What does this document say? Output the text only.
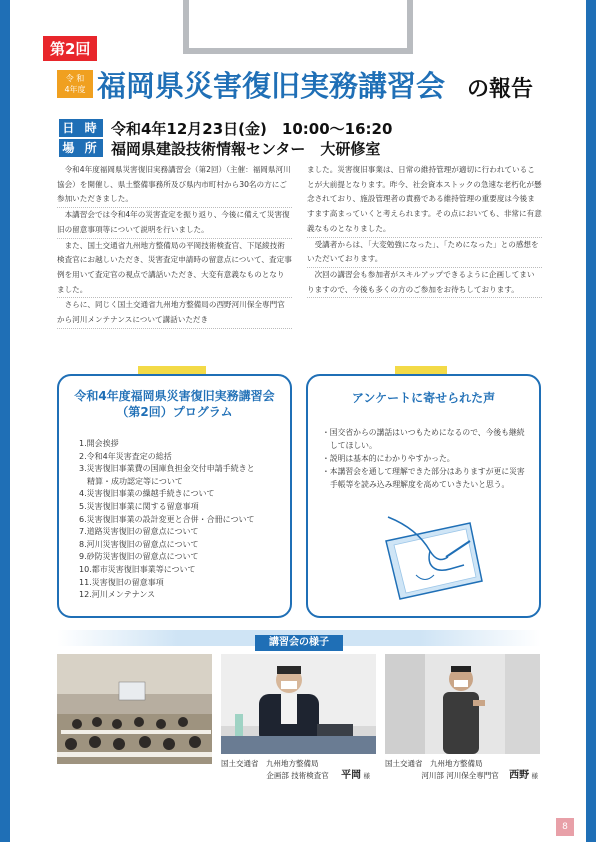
第2回
令 和
4年度 福岡県災害復旧実務講習会 の報告
日 時 令和4年12月23日(金)　10:00〜16:20
場 所 福岡県建設技術情報センター　大研修室

令和4年度福岡県災害復旧実務講習会（第2回）（主催：福岡県河川協会）を開催し、県土整備事務所及び県内市町村から30名の方にご参加いただきました。

本講習会では令和4年の災害査定を振り返り、今後に備えて災害復旧の留意事項等について説明を行いました。

また、国土交通省九州地方整備局の平岡技術検査官、下尾綾技術検査官にお越しいただき、災害査定申請時の留意点について、査定事例を用いて査定官の視点で講話いただき、大変有意義なものとなりました。

さらに、同じく国土交通省九州地方整備局の西野河川保全専門官から河川メンテナンスについて講話いただき

ました。災害復旧事業は、日常の維持管理が適切に行われていることが大前提となります。昨今、社会資本ストックの急速な老朽化が懸念されており、施設管理者の責務である維持管理の重要度は今後ますます高まっていくと考えられます。その点においても、非常に有意義なものとなりました。

受講者からは、「大変勉強になった」、「ためになった」との感想をいただいております。

次回の講習会も参加者がスキルアップできるように企画してまいりますので、今後も多くの方のご参加をお待ちしております。

令和4年度福岡県災害復旧実務講習会
（第2回）プログラム
1.開会挨拶
2.令和4年災害査定の総括
3.災害復旧事業費の国庫負担金交付申請手続きと
　精算・成功認定等について
4.災害復旧事業の繰越手続きについて
5.災害復旧事業に関する留意事項
6.災害復旧事業の設計変更と合併・合冊について
7.道路災害復旧の留意点について
8.河川災害復旧の留意点について
9.砂防災害復旧の留意点について
10.都市災害復旧事業等について
11.災害復旧の留意事項
12.河川メンテナンス
アンケートに寄せられた声
・国交省からの講話はいつもためになるので、今後も継続してほしい。
・説明は基本的にわかりやすかった。
・本講習会を通して理解できた部分はありますが更に災害手帳等を読み込み理解度を高めていきたいと思う。
講習会の様子
国土交通省　九州地方整備局
企画部 技術検査官 平岡 様
国土交通省　九州地方整備局
河川部 河川保全専門官 西野 様
8
